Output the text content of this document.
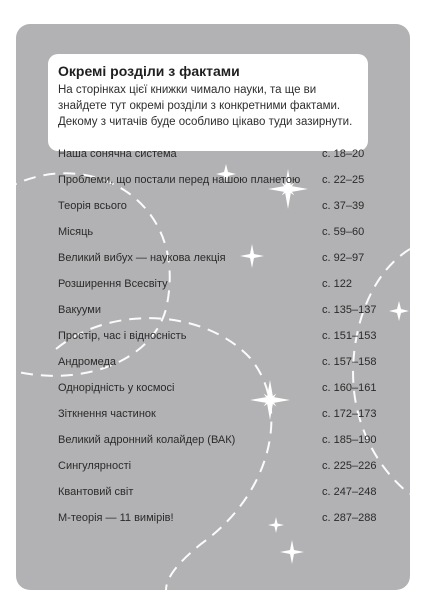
Окремі розділи з фактами

На сторінках цієї книжки чимало науки, та ще ви знайдете тут окремі розділи з конкретними фактами. Декому з читачів буде особливо цікаво туди зазирнути.

Наша сонячна система	с. 18–20
Проблеми, що постали перед нашою планетою с. 22–25
Теорія всього	с. 37–39
Місяць	с. 59–60
Великий вибух — наукова лекція	с. 92–97
Розширення Всесвіту	с. 122
Вакууми	с. 135–137
Простір, час і відносність	с. 151–153
Андромеда	с. 157–158
Однорідність у космосі	с. 160–161
Зіткнення частинок	с. 172–173
Великий адронний колайдер (ВАК)	с. 185–190
Сингулярності	с. 225–226
Квантовий світ	с. 247–248
М-теорія — 11 вимірів!	с. 287–288
